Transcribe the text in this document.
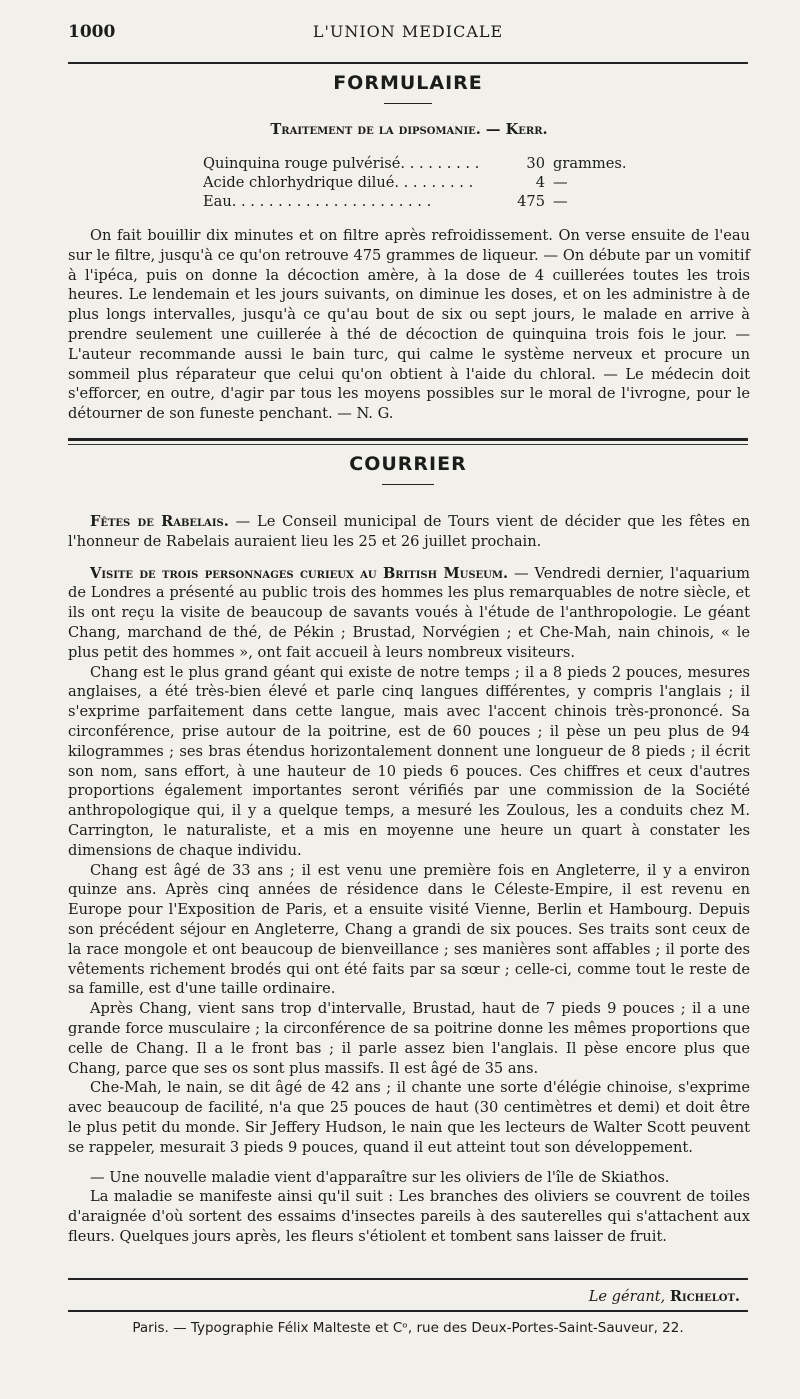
1000	L'UNION MEDICALE
FORMULAIRE
Traitement de la dipsomanie. — Kerr.
Quinquina rouge pulvérisé. . . . . . . . .	30 grammes.
Acide chlorhydrique dilué. . . . . . . . .	4 —
Eau. . . . . . . . . . . . . . . . . . . . . .	475 —

On fait bouillir dix minutes et on filtre après refroidissement. On verse ensuite de l'eau sur le filtre, jusqu'à ce qu'on retrouve 475 grammes de liqueur. — On débute par un vomitif à l'ipéca, puis on donne la décoction amère, à la dose de 4 cuillerées toutes les trois heures. Le lendemain et les jours suivants, on diminue les doses, et on les administre à de plus longs intervalles, jusqu'à ce qu'au bout de six ou sept jours, le malade en arrive à prendre seulement une cuillerée à thé de décoction de quinquina trois fois le jour. — L'auteur recommande aussi le bain turc, qui calme le système nerveux et procure un sommeil plus réparateur que celui qu'on obtient à l'aide du chloral. — Le médecin doit s'efforcer, en outre, d'agir par tous les moyens possibles sur le moral de l'ivrogne, pour le détourner de son funeste penchant. — N. G.

COURRIER

Fêtes de Rabelais. — Le Conseil municipal de Tours vient de décider que les fêtes en l'honneur de Rabelais auraient lieu les 25 et 26 juillet prochain.

Visite de trois personnages curieux au British Museum. — Vendredi dernier, l'aquarium de Londres a présenté au public trois des hommes les plus remarquables de notre siècle, et ils ont reçu la visite de beaucoup de savants voués à l'étude de l'anthropologie. Le géant Chang, marchand de thé, de Pékin ; Brustad, Norvégien ; et Che-Mah, nain chinois, « le plus petit des hommes », ont fait accueil à leurs nombreux visiteurs.

Chang est le plus grand géant qui existe de notre temps ; il a 8 pieds 2 pouces, mesures anglaises, a été très-bien élevé et parle cinq langues différentes, y compris l'anglais ; il s'exprime parfaitement dans cette langue, mais avec l'accent chinois très-prononcé. Sa circonférence, prise autour de la poitrine, est de 60 pouces ; il pèse un peu plus de 94 kilogrammes ; ses bras étendus horizontalement donnent une longueur de 8 pieds ; il écrit son nom, sans effort, à une hauteur de 10 pieds 6 pouces. Ces chiffres et ceux d'autres proportions également importantes seront vérifiés par une commission de la Société anthropologique qui, il y a quelque temps, a mesuré les Zoulous, les a conduits chez M. Carrington, le naturaliste, et a mis en moyenne une heure un quart à constater les dimensions de chaque individu.

Chang est âgé de 33 ans ; il est venu une première fois en Angleterre, il y a environ quinze ans. Après cinq années de résidence dans le Céleste-Empire, il est revenu en Europe pour l'Exposition de Paris, et a ensuite visité Vienne, Berlin et Hambourg. Depuis son précédent séjour en Angleterre, Chang a grandi de six pouces. Ses traits sont ceux de la race mongole et ont beaucoup de bienveillance ; ses manières sont affables ; il porte des vêtements richement brodés qui ont été faits par sa sœur ; celle-ci, comme tout le reste de sa famille, est d'une taille ordinaire.

Après Chang, vient sans trop d'intervalle, Brustad, haut de 7 pieds 9 pouces ; il a une grande force musculaire ; la circonférence de sa poitrine donne les mêmes proportions que celle de Chang. Il a le front bas ; il parle assez bien l'anglais. Il pèse encore plus que Chang, parce que ses os sont plus massifs. Il est âgé de 35 ans.

Che-Mah, le nain, se dit âgé de 42 ans ; il chante une sorte d'élégie chinoise, s'exprime avec beaucoup de facilité, n'a que 25 pouces de haut (30 centimètres et demi) et doit être le plus petit du monde. Sir Jeffery Hudson, le nain que les lecteurs de Walter Scott peuvent se rappeler, mesurait 3 pieds 9 pouces, quand il eut atteint tout son développement.

— Une nouvelle maladie vient d'apparaître sur les oliviers de l'île de Skiathos.

La maladie se manifeste ainsi qu'il suit : Les branches des oliviers se couvrent de toiles d'araignée d'où sortent des essaims d'insectes pareils à des sauterelles qui s'attachent aux fleurs. Quelques jours après, les fleurs s'étiolent et tombent sans laisser de fruit.

Le gérant, Richelot.
Paris. — Typographie Félix Malteste et Cᵒ, rue des Deux-Portes-Saint-Sauveur, 22.
